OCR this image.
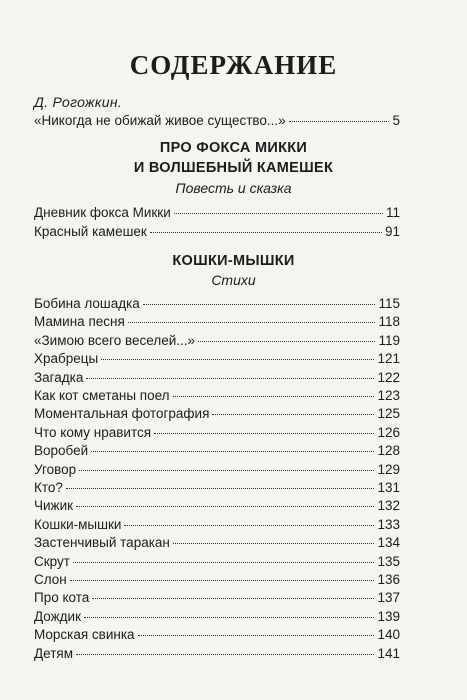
СОДЕРЖАНИЕ
Д. Рогожкин.
«Никогда не обижай живое существо...»	5
ПРО ФОКСА МИККИ
И ВОЛШЕБНЫЙ КАМЕШЕК
Повесть и сказка
Дневник фокса Микки	11
Красный камешек	91
КОШКИ-МЫШКИ
Стихи
Бобина лошадка	115
Мамина песня	118
«Зимою всего веселей...»	119
Храбрецы	121
Загадка	122
Как кот сметаны поел	123
Моментальная фотография	125
Что кому нравится	126
Воробей	128
Уговор	129
Кто?	131
Чижик	132
Кошки-мышки	133
Застенчивый таракан	134
Скрут	135
Слон	136
Про кота	137
Дождик	139
Морская свинка	140
Детям	141
